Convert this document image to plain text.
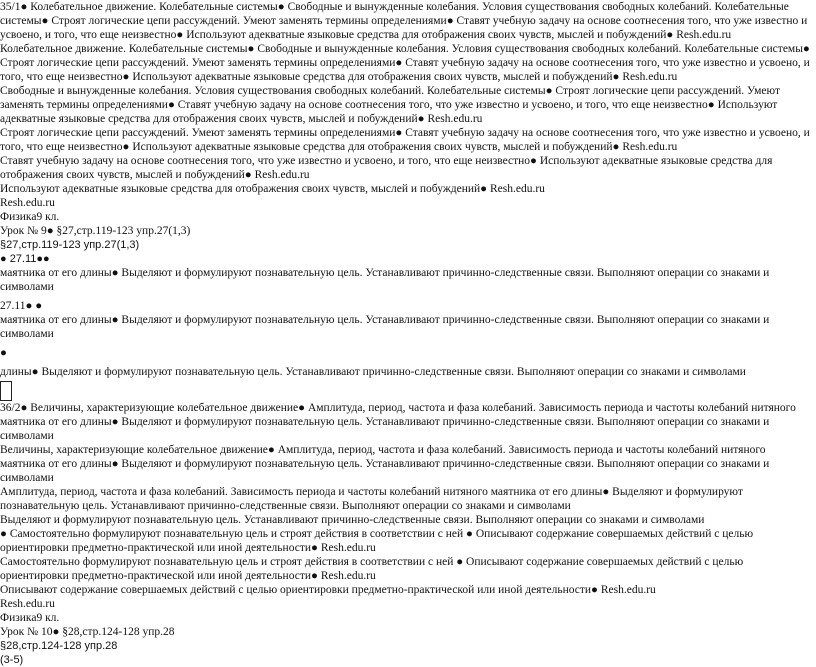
35/1● Колебательное движение. Колебательные системы● Свободные и вынужденные колебания. Условия существования свободных колебаний. Колебательные системы● Строят логические цепи рассуждений. Умеют заменять термины определениями● Ставят учебную задачу на основе соотнесения того, что уже известно и усвоено, и того, что еще неизвестно● Используют адекватные языковые средства для отображения своих чувств, мыслей и побуждений● Resh.edu.ru
Колебательное движение. Колебательные системы● Свободные и вынужденные колебания. Условия существования свободных колебаний. Колебательные системы● Строят логические цепи рассуждений. Умеют заменять термины определениями● Ставят учебную задачу на основе соотнесения того, что уже известно и усвоено, и того, что еще неизвестно● Используют адекватные языковые средства для отображения своих чувств, мыслей и побуждений● Resh.edu.ru
Свободные и вынужденные колебания. Условия существования свободных колебаний. Колебательные системы● Строят логические цепи рассуждений. Умеют заменять термины определениями● Ставят учебную задачу на основе соотнесения того, что уже известно и усвоено, и того, что еще неизвестно● Используют адекватные языковые средства для отображения своих чувств, мыслей и побуждений● Resh.edu.ru
Строят логические цепи рассуждений. Умеют заменять термины определениями● Ставят учебную задачу на основе соотнесения того, что уже известно и усвоено, и того, что еще неизвестно● Используют адекватные языковые средства для отображения своих чувств, мыслей и побуждений● Resh.edu.ru
Ставят учебную задачу на основе соотнесения того, что уже известно и усвоено, и того, что еще неизвестно● Используют адекватные языковые средства для отображения своих чувств, мыслей и побуждений● Resh.edu.ru
Используют адекватные языковые средства для отображения своих чувств, мыслей и побуждений● Resh.edu.ru
Resh.edu.ru
Физика9 кл.
Урок № 9● §27,стр.119-123 упр.27(1,3)
§27,стр.119-123 упр.27(1,3)
● 27.11●●
маятника от его длины● Выделяют и формулируют познавательную цель. Устанавливают причинно-следственные связи. Выполняют операции со знаками и символами
27.11● ●
маятника от его длины● Выделяют и формулируют познавательную цель. Устанавливают причинно-следственные связи. Выполняют операции со знаками и символами
●
длины● Выделяют и формулируют познавательную цель. Устанавливают причинно-следственные связи. Выполняют операции со знаками и символами
36/2● Величины, характеризующие колебательное движение● Амплитуда, период, частота и фаза колебаний. Зависимость периода и частоты колебаний нитяного маятника от его длины● Выделяют и формулируют познавательную цель. Устанавливают причинно-следственные связи. Выполняют операции со знаками и символами
Величины, характеризующие колебательное движение● Амплитуда, период, частота и фаза колебаний. Зависимость периода и частоты колебаний нитяного маятника от его длины● Выделяют и формулируют познавательную цель. Устанавливают причинно-следственные связи. Выполняют операции со знаками и символами
Амплитуда, период, частота и фаза колебаний. Зависимость периода и частоты колебаний нитяного маятника от его длины● Выделяют и формулируют познавательную цель. Устанавливают причинно-следственные связи. Выполняют операции со знаками и символами
Выделяют и формулируют познавательную цель. Устанавливают причинно-следственные связи. Выполняют операции со знаками и символами
● Самостоятельно формулируют познавательную цель и строят действия в соответствии с ней ● Описывают содержание совершаемых действий с целью ориентировки предметно-практической или иной деятельности● Resh.edu.ru
Самостоятельно формулируют познавательную цель и строят действия в соответствии с ней ● Описывают содержание совершаемых действий с целью ориентировки предметно-практической или иной деятельности● Resh.edu.ru
Описывают содержание совершаемых действий с целью ориентировки предметно-практической или иной деятельности● Resh.edu.ru
Resh.edu.ru
Физика9 кл.
Урок № 10● §28,стр.124-128 упр.28
§28,стр.124-128 упр.28
(3-5)
